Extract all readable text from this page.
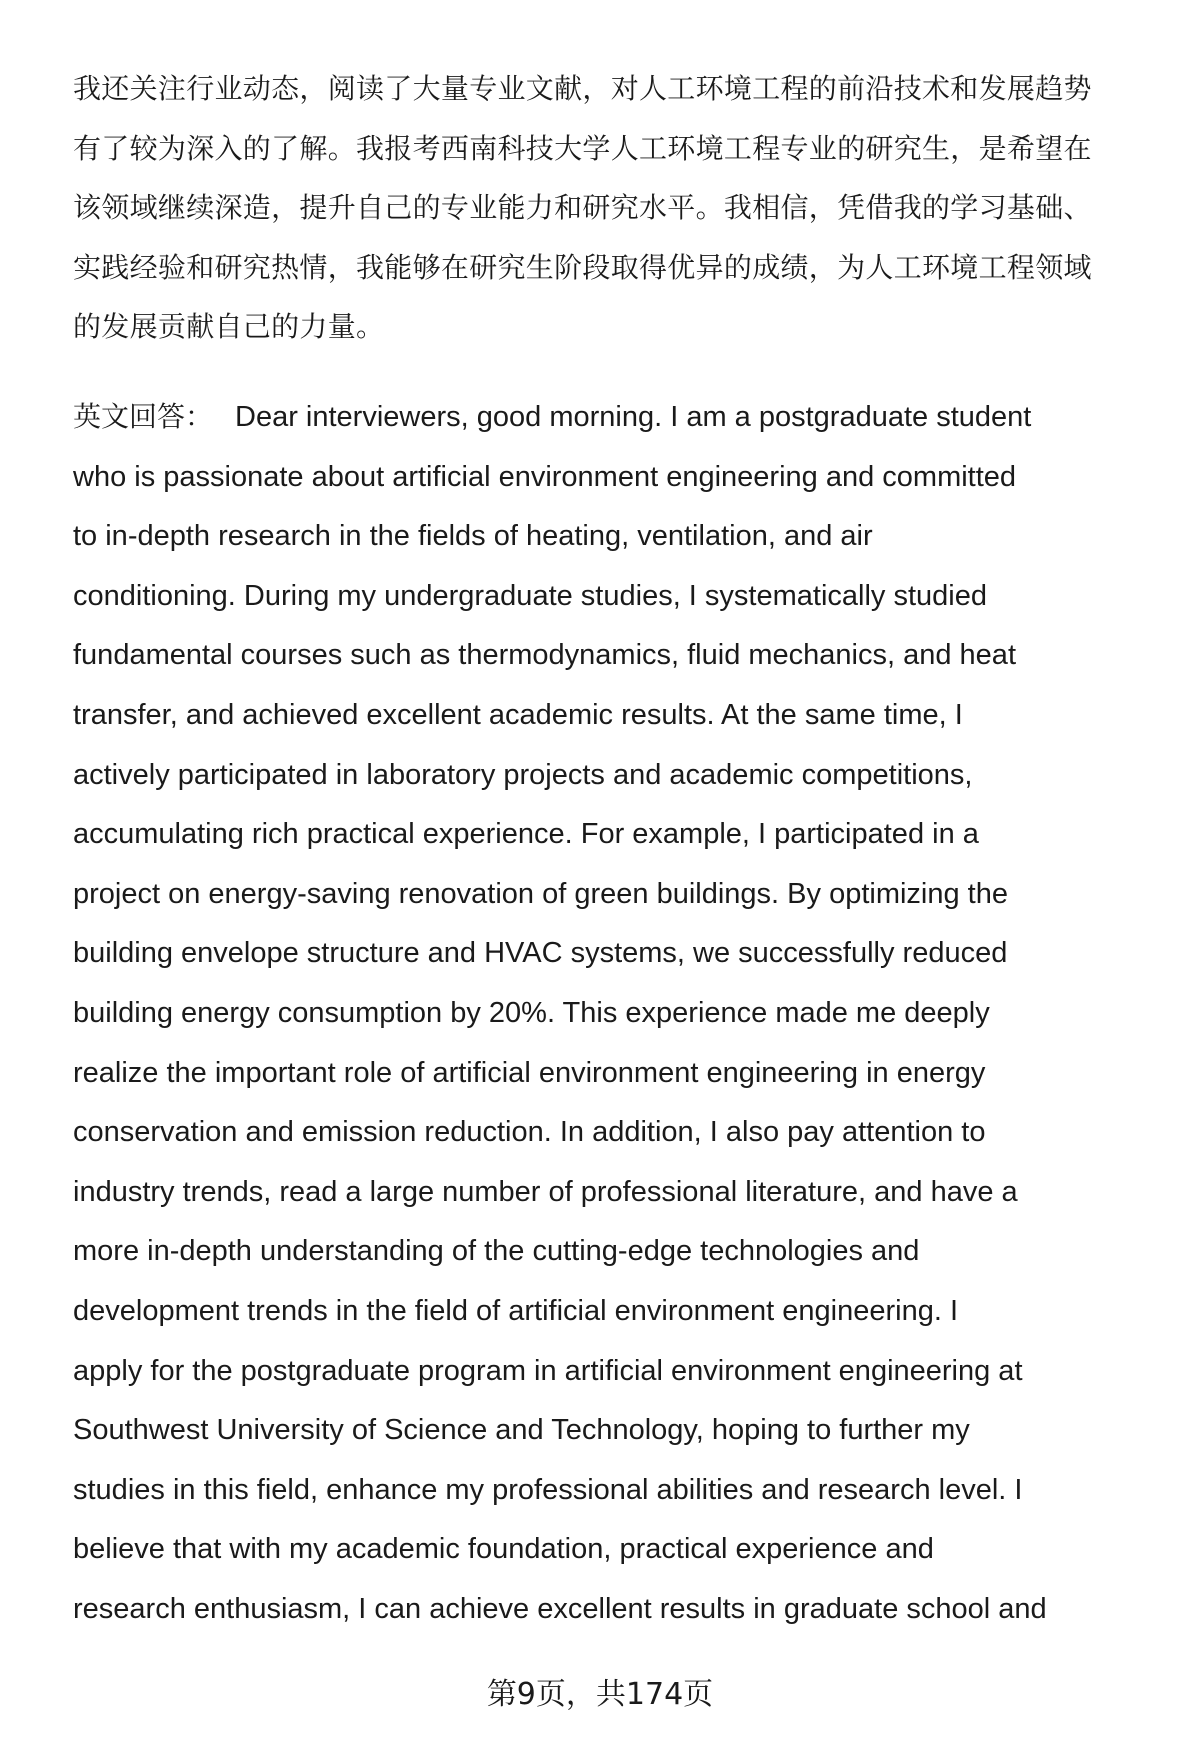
我还关注行业动态，阅读了大量专业文献，对人工环境工程的前沿技术和发展趋势
有了较为深入的了解。我报考西南科技大学人工环境工程专业的研究生，是希望在
该领域继续深造，提升自己的专业能力和研究水平。我相信，凭借我的学习基础、
实践经验和研究热情，我能够在研究生阶段取得优异的成绩，为人工环境工程领域
的发展贡献自己的力量。
英文回答： Dear interviewers, good morning. I am a postgraduate student
who is passionate about artificial environment engineering and committed
to in-depth research in the fields of heating, ventilation, and air
conditioning. During my undergraduate studies, I systematically studied
fundamental courses such as thermodynamics, fluid mechanics, and heat
transfer, and achieved excellent academic results. At the same time, I
actively participated in laboratory projects and academic competitions,
accumulating rich practical experience. For example, I participated in a
project on energy-saving renovation of green buildings. By optimizing the
building envelope structure and HVAC systems, we successfully reduced
building energy consumption by 20%. This experience made me deeply
realize the important role of artificial environment engineering in energy
conservation and emission reduction. In addition, I also pay attention to
industry trends, read a large number of professional literature, and have a
more in-depth understanding of the cutting-edge technologies and
development trends in the field of artificial environment engineering. I
apply for the postgraduate program in artificial environment engineering at
Southwest University of Science and Technology, hoping to further my
studies in this field, enhance my professional abilities and research level. I
believe that with my academic foundation, practical experience and
research enthusiasm, I can achieve excellent results in graduate school and
第9页，共174页
